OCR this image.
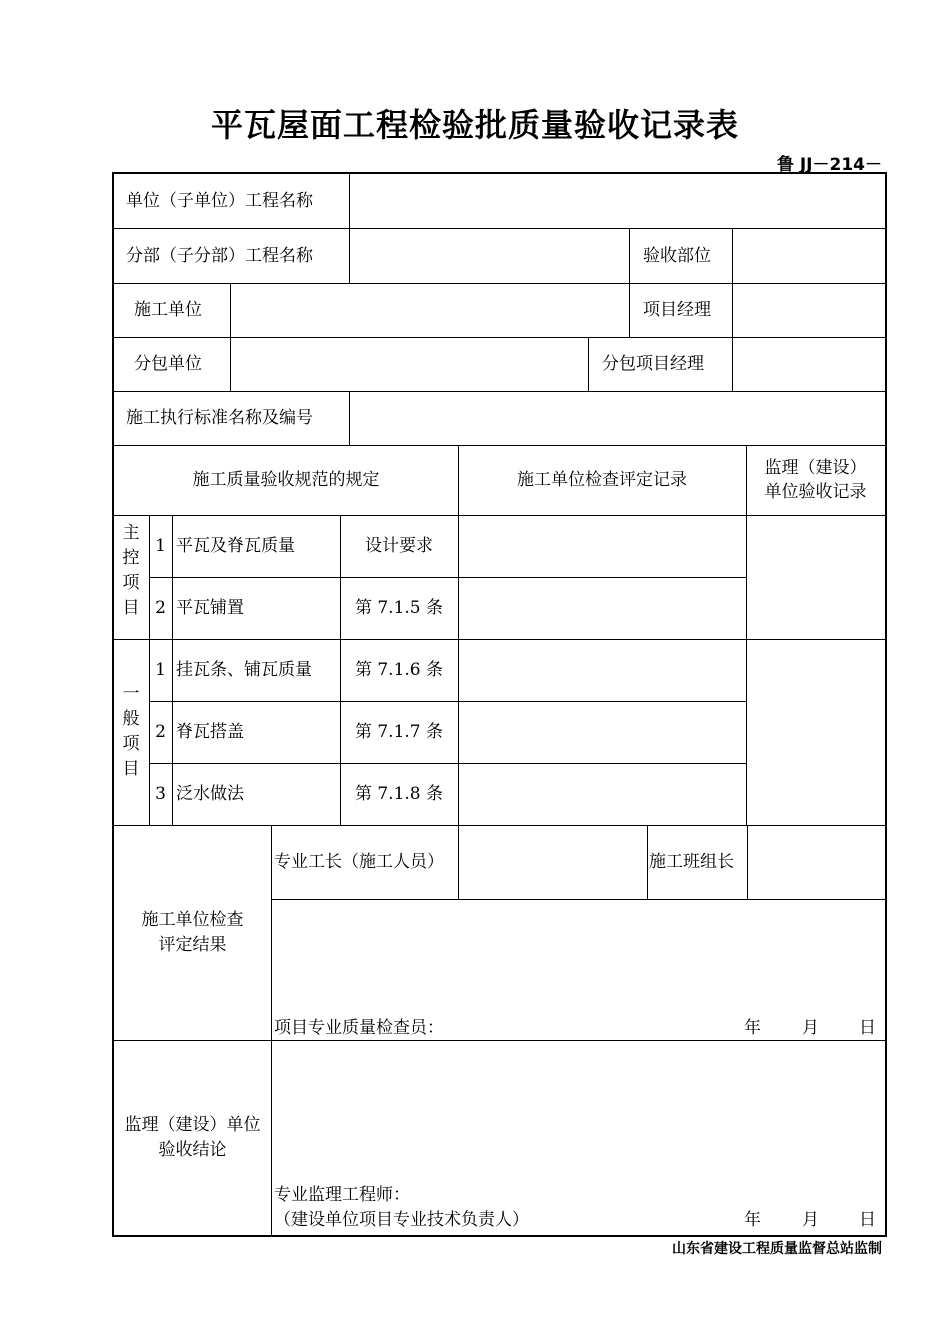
平瓦屋面工程检验批质量验收记录表
鲁 JJ－214－
单位（子单位）工程名称
分部（子分部）工程名称	验收部位
施工单位	项目经理
分包单位	分包项目经理
施工执行标准名称及编号
施工质量验收规范的规定	施工单位检查评定记录
监理（建设）
单位验收记录
主控项目
1 平瓦及脊瓦质量	设计要求
2 平瓦铺置	第 7.1.5 条
一般项目
1 挂瓦条、铺瓦质量	第 7.1.6 条
2 脊瓦搭盖	第 7.1.7 条
3 泛水做法	第 7.1.8 条
施工单位检查
评定结果
专业工长（施工人员）	施工班组长
项目专业质量检查员：	年 月 日
监理（建设）单位
验收结论
专业监理工程师：
（建设单位项目专业技术负责人）	年 月 日
山东省建设工程质量监督总站监制
